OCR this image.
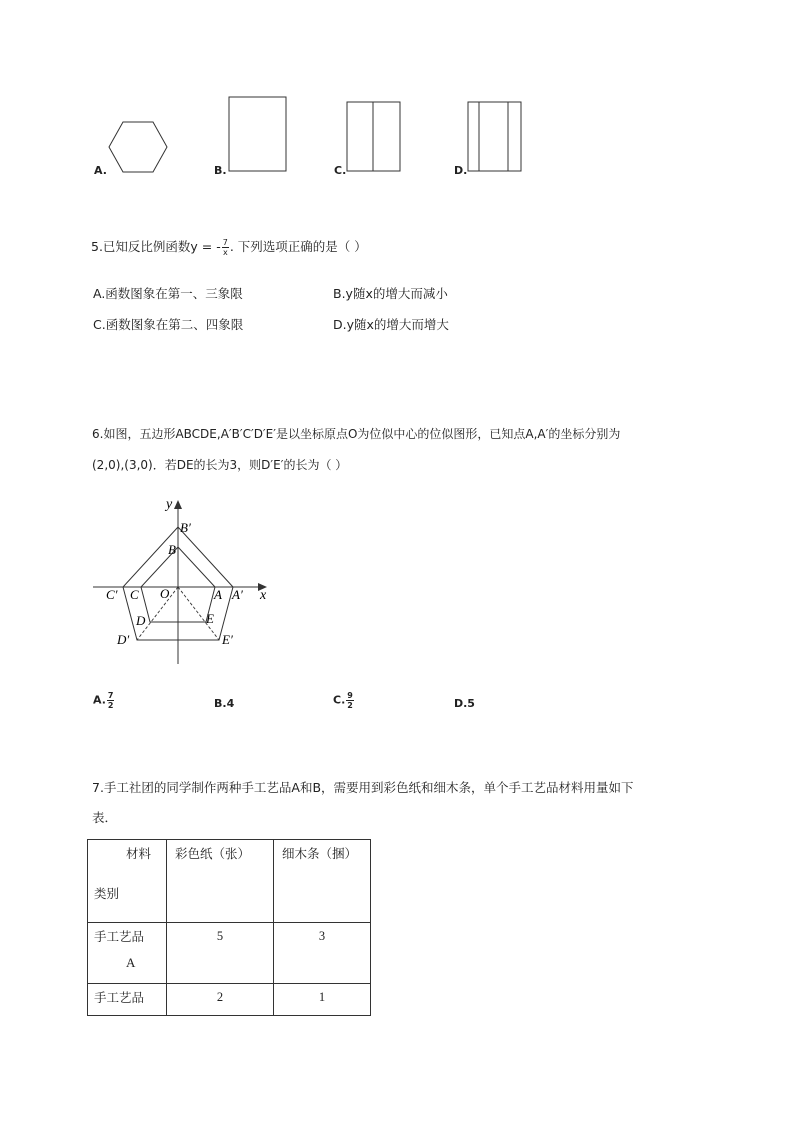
A.	B.	C.	D.
5.已知反比例函数y = - $\frac{7}{x}$ . 下列选项正确的是（ ）
A.函数图象在第一、三象限	B.y随x的增大而减小
C.函数图象在第二、四象限	D.y随x的增大而增大
6.如图，五边形ABCDE,A′B′C′D′E′是以坐标原点O为位似中心的位似图形，已知点A,A′的坐标分别为
(2,0),(3,0)．若DE的长为3，则D′E′的长为（ ）
y
x
B′
B
C′ C O	A A′
D	E
D′	E′
A. $\frac{7}{2}$	B.4	C. $\frac{9}{2}$	D.5
7.手工社团的同学制作两种手工艺品A和B，需要用到彩色纸和细木条，单个手工艺品材料用量如下
表．
材料
类别	彩色纸（张）	细木条（捆）

手工艺品
A	5	3

手工艺品	2	1
